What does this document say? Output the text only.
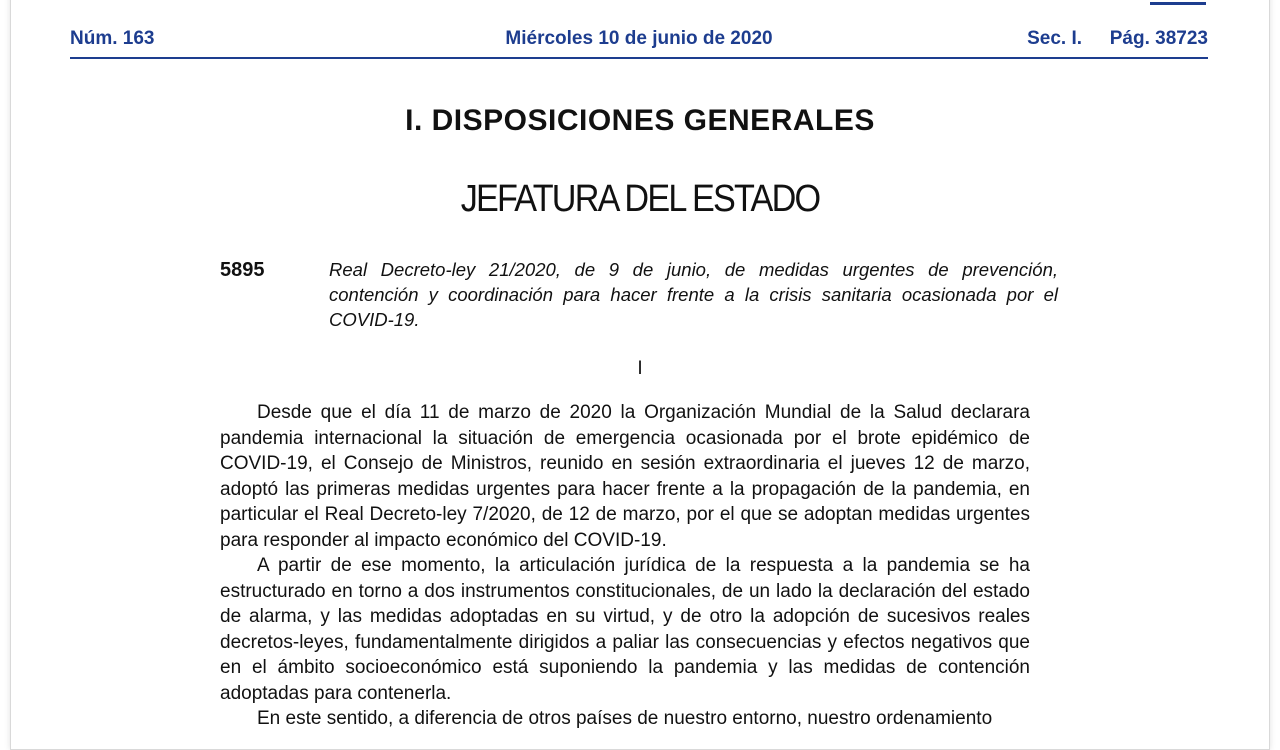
Núm. 163	Miércoles 10 de junio de 2020	Sec. I. Pág. 38723
I. DISPOSICIONES GENERALES
JEFATURA DEL ESTADO
5895	Real Decreto-ley 21/2020, de 9 de junio, de medidas urgentes de prevención, contención y coordinación para hacer frente a la crisis sanitaria ocasionada por el COVID-19.

I

Desde que el día 11 de marzo de 2020 la Organización Mundial de la Salud declarara pandemia internacional la situación de emergencia ocasionada por el brote epidémico de COVID-19, el Consejo de Ministros, reunido en sesión extraordinaria el jueves 12 de marzo, adoptó las primeras medidas urgentes para hacer frente a la propagación de la pandemia, en particular el Real Decreto-ley 7/2020, de 12 de marzo, por el que se adoptan medidas urgentes para responder al impacto económico del COVID-19.

A partir de ese momento, la articulación jurídica de la respuesta a la pandemia se ha estructurado en torno a dos instrumentos constitucionales, de un lado la declaración del estado de alarma, y las medidas adoptadas en su virtud, y de otro la adopción de sucesivos reales decretos-leyes, fundamentalmente dirigidos a paliar las consecuencias y efectos negativos que en el ámbito socioeconómico está suponiendo la pandemia y las medidas de contención adoptadas para contenerla.

En este sentido, a diferencia de otros países de nuestro entorno, nuestro ordenamiento
